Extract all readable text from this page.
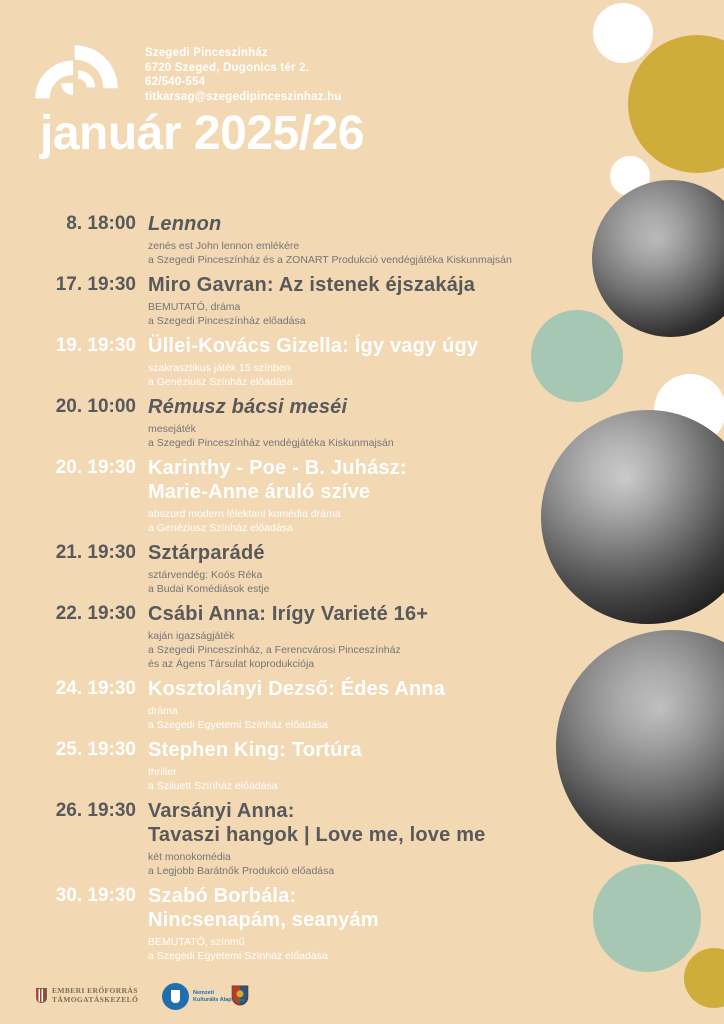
Szegedi Pinceszínház
6720 Szeged, Dugonics tér 2.
62/540-554
titkarsag@szegedipinceszinhaz.hu
január 2025/26
8. 18:00 Lennon
zenés est John lennon emlékére
a Szegedi Pinceszínház és a ZONART Produkció vendégjátéka Kiskunmajsán
17. 19:30 Miro Gavran: Az istenek éjszakája
BEMUTATÓ, dráma
a Szegedi Pinceszínház előadása
19. 19:30 Üllei-Kovács Gizella: Így vagy úgy
szakrasztikus játék 15 színben
a Genéziusz Színház előadása
20. 10:00 Rémusz bácsi meséi
mesejáték
a Szegedi Pinceszínház vendégjátéka Kiskunmajsán
20. 19:30 Karinthy - Poe - B. Juhász:
Marie-Anne áruló szíve
abszurd modern lélektani komédia dráma
a Genéziusz Színház előadása
21. 19:30 Sztárparádé
sztárvendég: Koós Réka
a Budai Komédiások estje
22. 19:30 Csábi Anna: Irígy Varieté 16+
kaján igazságjáték
a Szegedi Pinceszínház, a Ferencvárosi Pinceszínház
és az Ágens Társulat koprodukciója
24. 19:30 Kosztolányi Dezső: Édes Anna
dráma
a Szegedi Egyetemi Színház előadása
25. 19:30 Stephen King: Tortúra
thriller
a Sziluett Színház előadása
26. 19:30 Varsányi Anna:
Tavaszi hangok | Love me, love me
két monokomédia
a Legjobb Barátnők Produkció előadása
30. 19:30 Szabó Borbála:
Nincsenapám, seanyám
BEMUTATÓ, színmű
a Szegedi Egyetemi Színház előadása
EMBERI ERŐFORRÁS
TÁMOGATÁSKEZELŐ
Nemzeti Kulturális Alap
